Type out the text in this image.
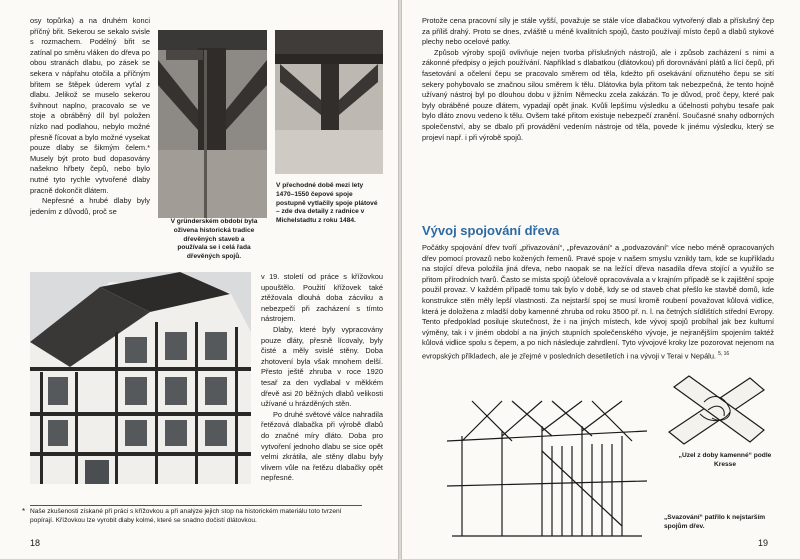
osy topůrka) a na druhém konci příčný břit. Sekerou se sekalo svisle s rozmachem. Podélný břit se zatínal po směru vláken do dřeva po obou stranách dlabu, po zásek se sekera v nápřahu otočila a příčným břitem se štěpek úderem vyťal z dlabu. Jelikož se muselo sekerou švihnout naplno, pracovalo se ve stoje a obráběný díl byl položen nízko nad podlahou, nebylo možné přesně ľícovat a bylo možné vysekat pouze dlaby se šikmým čelem.* Musely být proto bud dopasovány našekno hřbety čepů, nebo bylo nutné tyto rychle vytvořené dlaby pracně dokončit dlátem.

Nepřesné a hrubé dlaby byly jedením z důvodů, proč se

V gründerském období byla oživena historická tradice dřevěných staveb a používala se i celá řada dřevěných spojů.
V přechodné době mezi lety 1470–1550 čepové spoje postupně vytlačily spoje plátové – zde dva detaily z radnice v Michelstadtu z roku 1484.

v 19. století od práce s křížovkou upouštělo. Použití křížovek také ztěžovala dlouhá doba zácviku a nebezpečí při zacházení s tímto nástrojem.

Dlaby, které byly vypracovány pouze dláty, přesně lícovaly, byly čisté a měly svislé stěny. Doba zhotovení byla však mnohem delší. Přesto ještě zhruba v roce 1920 tesař za den vydlabal v měkkém dřevě asi 20 běžných dlabů velikosti užívané u hrázděných stěn.

Po druhé světové válce nahradila řetězová dlabačka při výrobě dlabů do značné míry dláto. Doba pro vytvoření jednoho dlabu se sice opět velmi zkrátila, ale stěny dlabu byly vlivem vůle na řetězu dlabačky opět nepřesné.

* Naše zkušenosti získané při práci s křížovkou a při analýze jejich stop na historickém materiálu toto tvrzení popírají. Křížovkou lze vyrobit dlaby kolmé, které se snadno dočistí dlátovkou.
18

Protože cena pracovní síly je stále vyšší, považuje se stále více dlabačkou vytvořený dlab a příslušný čep za příliš drahý. Proto se dnes, zvláště u méně kvalitních spojů, často používají místo čepů a dlabů stykové plechy nebo ocelové patky.

Způsob výroby spojů ovlivňuje nejen tvorba příslušných nástrojů, ale i způsob zacházení s nimi a zákonné předpisy o jejich používání. Například s dlabatkou (dlátovkou) při dorovnávání plátů a lící čepů, při fasetování a očelení čepu se pracovalo směrem od těla, kdežto při osekávání ořiznutého čepu se sití sekery pohybovalo se značnou silou směrem k tělu. Dlátovka byla přitom tak nebezpečná, že tento hojně užívaný nástroj byl po dlouhou dobu v jižním Německu zcela zakázán. To je důvod, proč čepy, které pak byly obráběné pouze dlátem, vypadají opět jinak. Kvůli lepšímu výsledku a účelnosti pohybu tesaře pak bylo dláto znovu vedeno k tělu. Ovšem také přitom existuje nebezpečí zranění. Současné snahy odborných společenství, aby se dbalo při provádění vedením nástroje od těla, povede k jinému výsledku, který se projeví např. i při výrobě spojů.

Vývoj spojování dřeva

Počátky spojování dřev tvoří „přivazování“, „převazování“ a „podvazování“ více nebo méně opracovaných dřev pomocí provazů nebo kožených řemenů. Pravé spoje v našem smyslu vznikly tam, kde se kupříkladu na stojící dřeva položila jiná dřeva, nebo naopak se na ležící dřeva nasadila dřeva stojící a využilo se přitom přírodních tvarů. Často se místa spojů účelově opracovávala a v krajním případě se k zajištění spoje použil provaz. V každém případě tomu tak bylo v době, kdy se od staveb chat přešlo ke stavbě domů, kde konstrukce stěn měly lepší vlastnosti. Za nejstarší spoj se musí kromě roubení považovat kůlová vidlice, která je doložena z mladší doby kamenné zhruba od roku 3500 př. n. l. na četných sídlištích střední Evropy. Tento předpoklad posiluje skutečnost, že i na jiných místech, kde vývoj spojů probíhal jak bez kulturní výměny, tak i v jiném období a na jiných stupních společenského vývoje, je nejranějším spojením taktéž kůlová vidlice spolu s čepem, a po nich následuje zahrdlení. Tyto vývojové kroky lze pozorovat nejenom na evropských příkladech, ale je zřejmé v posledních desetiletích i na vývoji v Terai v Nepálu. $^{5, 16}$

„Uzel z doby kamenné“ podle Kresse
„Svazování“ patřilo k nejstarším spojům dřev.
19
